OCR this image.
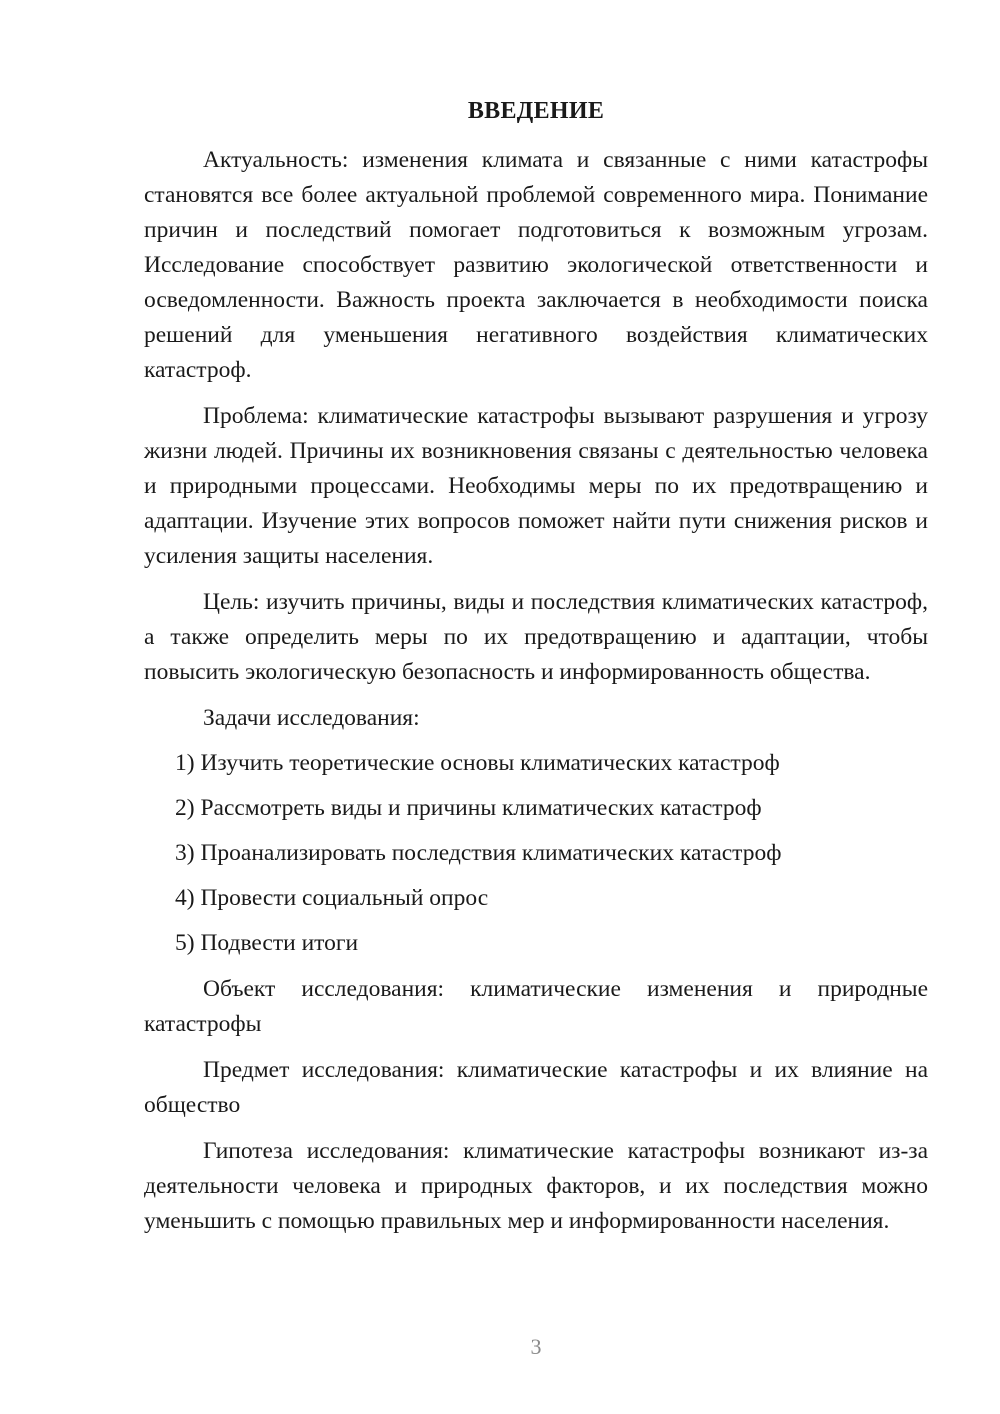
ВВЕДЕНИЕ

Актуальность: изменения климата и связанные с ними катастрофы становятся все более актуальной проблемой современного мира. Понимание причин и последствий помогает подготовиться к возможным угрозам. Исследование способствует развитию экологической ответственности и осведомленности. Важность проекта заключается в необходимости поиска решений для уменьшения негативного воздействия климатических катастроф.

Проблема: климатические катастрофы вызывают разрушения и угрозу жизни людей. Причины их возникновения связаны с деятельностью человека и природными процессами. Необходимы меры по их предотвращению и адаптации. Изучение этих вопросов поможет найти пути снижения рисков и усиления защиты населения.

Цель: изучить причины, виды и последствия климатических катастроф, а также определить меры по их предотвращению и адаптации, чтобы повысить экологическую безопасность и информированность общества.

Задачи исследования:

1) Изучить теоретические основы климатических катастроф

2) Рассмотреть виды и причины климатических катастроф

3) Проанализировать последствия климатических катастроф

4) Провести социальный опрос

5) Подвести итоги

Объект исследования: климатические изменения и природные катастрофы

Предмет исследования: климатические катастрофы и их влияние на общество

Гипотеза исследования: климатические катастрофы возникают из-за деятельности человека и природных факторов, и их последствия можно уменьшить с помощью правильных мер и информированности населения.

3
